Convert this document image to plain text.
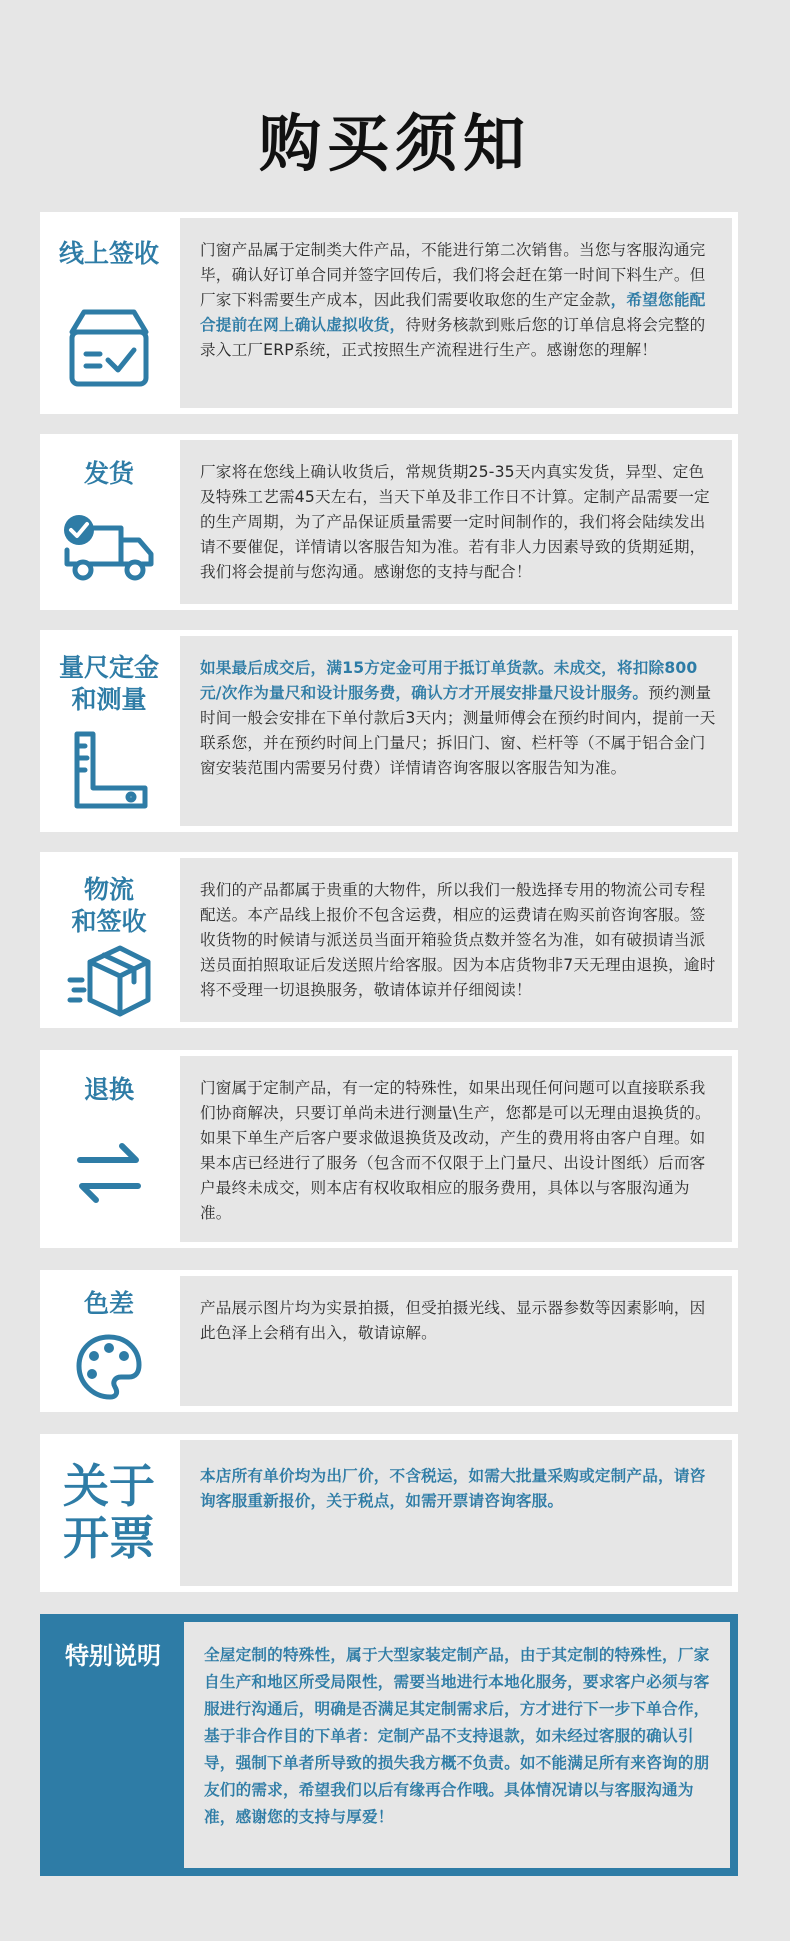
购买须知
线上签收	门窗产品属于定制类大件产品，不能进行第二次销售。当您与客服沟通完毕，确认好订单合同并签字回传后，我们将会赶在第一时间下料生产。但厂家下料需要生产成本，因此我们需要收取您的生产定金款，希望您能配合提前在网上确认虚拟收货，待财务核款到账后您的订单信息将会完整的录入工厂ERP系统，正式按照生产流程进行生产。感谢您的理解！
发货	厂家将在您线上确认收货后，常规货期25-35天内真实发货，异型、定色及特殊工艺需45天左右，当天下单及非工作日不计算。定制产品需要一定的生产周期，为了产品保证质量需要一定时间制作的，我们将会陆续发出请不要催促，详情请以客服告知为准。若有非人力因素导致的货期延期，我们将会提前与您沟通。感谢您的支持与配合！
量尺定金
和测量
如果最后成交后，满15方定金可用于抵订单货款。未成交，将扣除800元/次作为量尺和设计服务费，确认方才开展安排量尺设计服务。预约测量时间一般会安排在下单付款后3天内；测量师傅会在预约时间内，提前一天联系您，并在预约时间上门量尺；拆旧门、窗、栏杆等（不属于铝合金门窗安装范围内需要另付费）详情请咨询客服以客服告知为准。
物流
和签收
我们的产品都属于贵重的大物件，所以我们一般选择专用的物流公司专程配送。本产品线上报价不包含运费，相应的运费请在购买前咨询客服。签收货物的时候请与派送员当面开箱验货点数并签名为准，如有破损请当派送员面拍照取证后发送照片给客服。因为本店货物非7天无理由退换，逾时将不受理一切退换服务，敬请体谅并仔细阅读！
退换	门窗属于定制产品，有一定的特殊性，如果出现任何问题可以直接联系我们协商解决，只要订单尚未进行测量\生产，您都是可以无理由退换货的。如果下单生产后客户要求做退换货及改动，产生的费用将由客户自理。如果本店已经进行了服务（包含而不仅限于上门量尺、出设计图纸）后而客户最终未成交，则本店有权收取相应的服务费用，具体以与客服沟通为准。
色差	产品展示图片均为实景拍摄，但受拍摄光线、显示器参数等因素影响，因此色泽上会稍有出入，敬请谅解。
关于
开票
本店所有单价均为出厂价，不含税运，如需大批量采购或定制产品，请咨询客服重新报价，关于税点，如需开票请咨询客服。
特别说明	全屋定制的特殊性，属于大型家装定制产品，由于其定制的特殊性，厂家自生产和地区所受局限性，需要当地进行本地化服务，要求客户必须与客服进行沟通后，明确是否满足其定制需求后，方才进行下一步下单合作，基于非合作目的下单者：定制产品不支持退款，如未经过客服的确认引导，强制下单者所导致的损失我方概不负责。如不能满足所有来咨询的朋友们的需求，希望我们以后有缘再合作哦。具体情况请以与客服沟通为准，感谢您的支持与厚爱！
